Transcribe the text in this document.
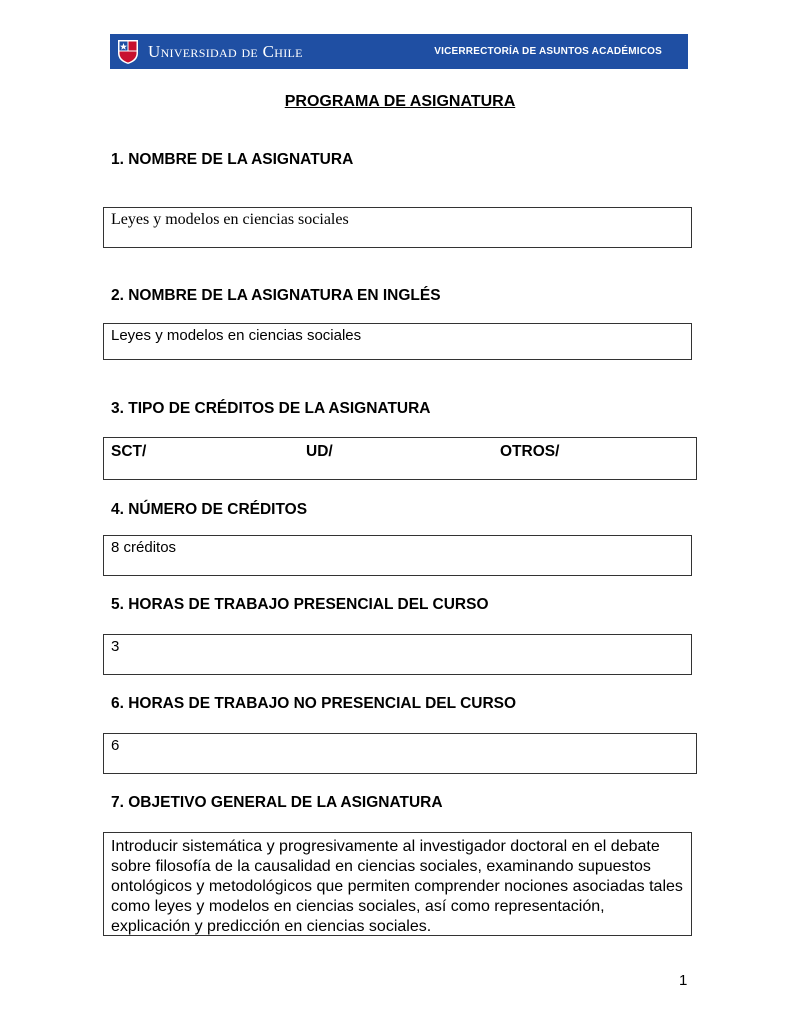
Universidad de Chile	VICERRECTORÍA DE ASUNTOS ACADÉMICOS
PROGRAMA DE ASIGNATURA
1. NOMBRE DE LA ASIGNATURA
Leyes y modelos en ciencias sociales
2. NOMBRE DE LA ASIGNATURA EN INGLÉS
Leyes y modelos en ciencias sociales
3. TIPO DE CRÉDITOS DE LA ASIGNATURA
SCT/	UD/	OTROS/
4. NÚMERO DE CRÉDITOS
8 créditos
5. HORAS DE TRABAJO PRESENCIAL DEL CURSO
3
6. HORAS DE TRABAJO NO PRESENCIAL DEL CURSO
6
7. OBJETIVO GENERAL DE LA ASIGNATURA
Introducir sistemática y progresivamente al investigador doctoral en el debate sobre filosofía de la causalidad en ciencias sociales, examinando supuestos ontológicos y metodológicos que permiten comprender nociones asociadas tales como leyes y modelos en ciencias sociales, así como representación, explicación y predicción en ciencias sociales.
1
